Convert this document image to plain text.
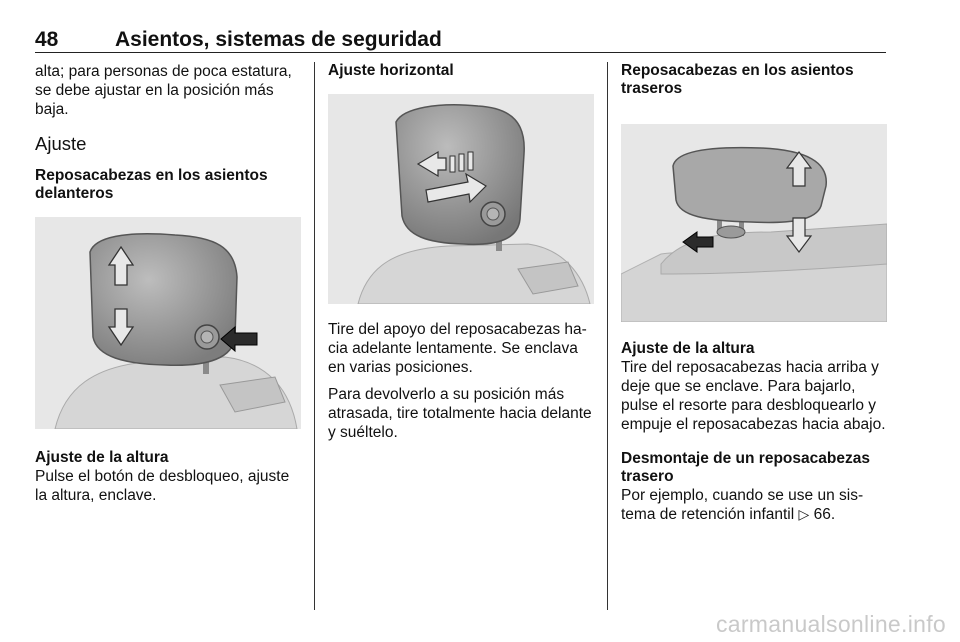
48	Asientos, sistemas de seguridad

alta; para personas de poca estatura, se debe ajustar en la posición más baja.

Ajuste
Reposacabezas en los asientos delanteros
Ajuste de la altura

Pulse el botón de desbloqueo, ajuste la altura, enclave.

Ajuste horizontal

Tire del apoyo del reposacabezas hacia adelante lentamente. Se enclava en varias posiciones.

Para devolverlo a su posición más atrasada, tire totalmente hacia delante y suéltelo.

Reposacabezas en los asientos traseros
Ajuste de la altura

Tire del reposacabezas hacia arriba y deje que se enclave. Para bajarlo, pulse el resorte para desbloquearlo y empuje el reposacabezas hacia abajo.

Desmontaje de un reposacabezas trasero

Por ejemplo, cuando se use un sistema de retención infantil ▷ 66.

carmanualsonline.info
